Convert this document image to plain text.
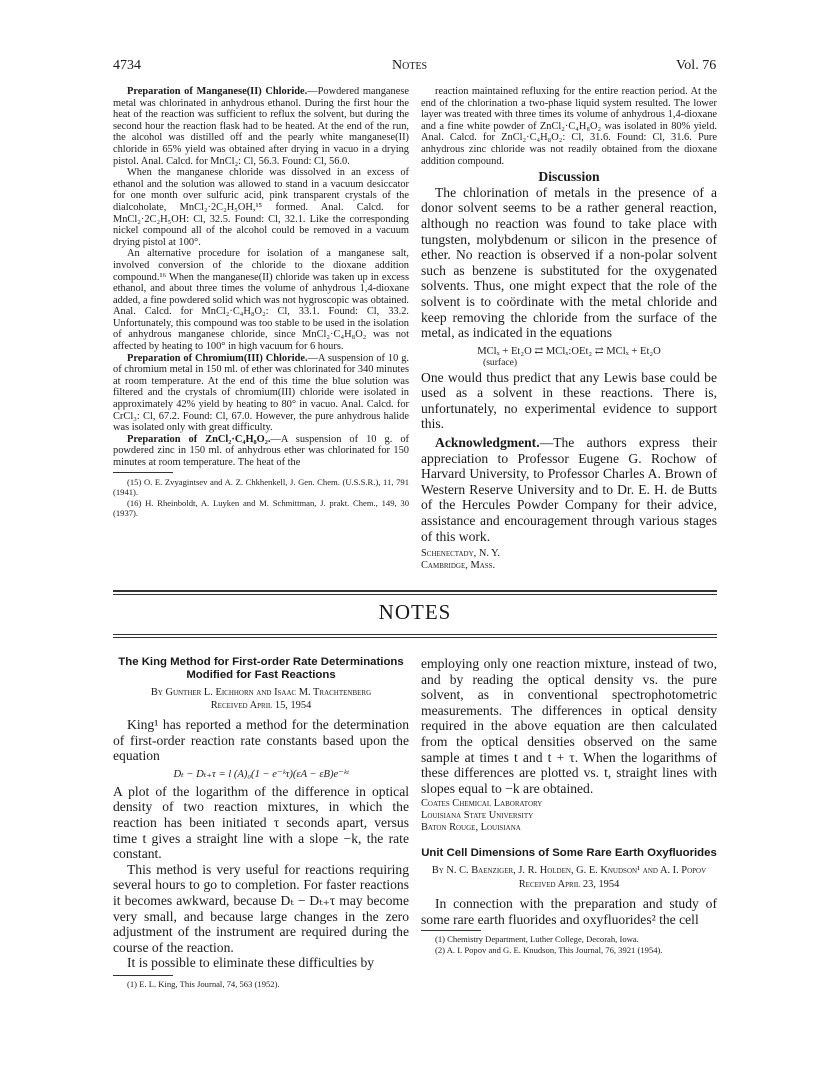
4734	Notes	Vol. 76

Preparation of Manganese(II) Chloride.—Powdered manganese metal was chlorinated in anhydrous ethanol. During the first hour the heat of the reaction was sufficient to reflux the solvent, but during the second hour the reaction flask had to be heated. At the end of the run, the alcohol was distilled off and the pearly white manganese(II) chloride in 65% yield was obtained after drying in vacuo in a drying pistol. Anal. Calcd. for MnCl₂: Cl, 56.3. Found: Cl, 56.0.

When the manganese chloride was dissolved in an excess of ethanol and the solution was allowed to stand in a vacuum desiccator for one month over sulfuric acid, pink transparent crystals of the dialcoholate, MnCl₂·2C₂H₅OH,¹⁵ formed. Anal. Calcd. for MnCl₂·2C₂H₅OH: Cl, 32.5. Found: Cl, 32.1. Like the corresponding nickel compound all of the alcohol could be removed in a vacuum drying pistol at 100°.

An alternative procedure for isolation of a manganese salt, involved conversion of the chloride to the dioxane addition compound.¹⁶ When the manganese(II) chloride was taken up in excess ethanol, and about three times the volume of anhydrous 1,4-dioxane added, a fine powdered solid which was not hygroscopic was obtained. Anal. Calcd. for MnCl₂·C₄H₈O₂: Cl, 33.1. Found: Cl, 33.2. Unfortunately, this compound was too stable to be used in the isolation of anhydrous manganese chloride, since MnCl₂·C₄H₈O₂ was not affected by heating to 100° in high vacuum for 6 hours.

Preparation of Chromium(III) Chloride.—A suspension of 10 g. of chromium metal in 150 ml. of ether was chlorinated for 340 minutes at room temperature. At the end of this time the blue solution was filtered and the crystals of chromium(III) chloride were isolated in approximately 42% yield by heating to 80° in vacuo. Anal. Calcd. for CrCl₃: Cl, 67.2. Found: Cl, 67.0. However, the pure anhydrous halide was isolated only with great difficulty.

Preparation of ZnCl₂·C₄H₈O₂.—A suspension of 10 g. of powdered zinc in 150 ml. of anhydrous ether was chlorinated for 150 minutes at room temperature. The heat of the

(15) O. E. Zvyagintsev and A. Z. Chkhenkell, J. Gen. Chem. (U.S.S.R.), 11, 791 (1941).

(16) H. Rheinboldt, A. Luyken and M. Schmittman, J. prakt. Chem., 149, 30 (1937).

reaction maintained refluxing for the entire reaction period. At the end of the chlorination a two-phase liquid system resulted. The lower layer was treated with three times its volume of anhydrous 1,4-dioxane and a fine white powder of ZnCl₂·C₄H₈O₂ was isolated in 80% yield. Anal. Calcd. for ZnCl₂·C₄H₈O₂: Cl, 31.6. Found: Cl, 31.6. Pure anhydrous zinc chloride was not readily obtained from the dioxane addition compound.

Discussion

The chlorination of metals in the presence of a donor solvent seems to be a rather general reaction, although no reaction was found to take place with tungsten, molybdenum or silicon in the presence of ether. No reaction is observed if a non-polar solvent such as benzene is substituted for the oxygenated solvents. Thus, one might expect that the role of the solvent is to coördinate with the metal chloride and keep removing the chloride from the surface of the metal, as indicated in the equations

MClₓ + Et₂O ⇄ MClₓ:OEt₂ ⇄ MClₓ + Et₂O
(surface)

One would thus predict that any Lewis base could be used as a solvent in these reactions. There is, unfortunately, no experimental evidence to support this.

Acknowledgment.—The authors express their appreciation to Professor Eugene G. Rochow of Harvard University, to Professor Charles A. Brown of Western Reserve University and to Dr. E. H. de Butts of the Hercules Powder Company for their advice, assistance and encouragement through various stages of this work.

Schenectady, N. Y.

Cambridge, Mass.

NOTES

The King Method for First-order Rate Determinations Modified for Fast Reactions

By Gunther L. Eichhorn and Isaac M. Trachtenberg

Received April 15, 1954

King¹ has reported a method for the determination of first-order reaction rate constants based upon the equation

Dₜ − Dₜ₊τ = l (A)₀(1 − e⁻ᵏτ)(εA − εB)e⁻ᵏᵗ

A plot of the logarithm of the difference in optical density of two reaction mixtures, in which the reaction has been initiated τ seconds apart, versus time t gives a straight line with a slope −k, the rate constant.

This method is very useful for reactions requiring several hours to go to completion. For faster reactions it becomes awkward, because Dₜ − Dₜ₊τ may become very small, and because large changes in the zero adjustment of the instrument are required during the course of the reaction.

It is possible to eliminate these difficulties by

(1) E. L. King, This Journal, 74, 563 (1952).

employing only one reaction mixture, instead of two, and by reading the optical density vs. the pure solvent, as in conventional spectrophotometric measurements. The differences in optical density required in the above equation are then calculated from the optical densities observed on the same sample at times t and t + τ. When the logarithms of these differences are plotted vs. t, straight lines with slopes equal to −k are obtained.

Coates Chemical Laboratory

Louisiana State University

Baton Rouge, Louisiana

Unit Cell Dimensions of Some Rare Earth Oxyfluorides

By N. C. Baenziger, J. R. Holden, G. E. Knudson¹ and A. I. Popov

Received April 23, 1954

In connection with the preparation and study of some rare earth fluorides and oxyfluorides² the cell

(1) Chemistry Department, Luther College, Decorah, Iowa.

(2) A. I. Popov and G. E. Knudson, This Journal, 76, 3921 (1954).
